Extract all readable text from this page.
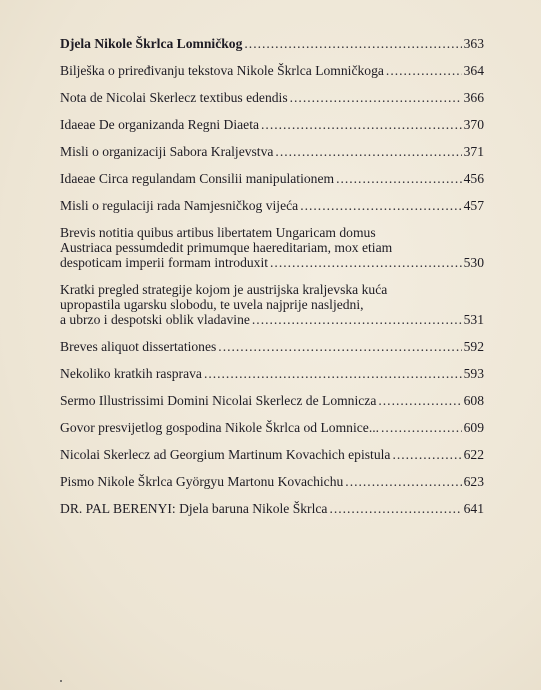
Djela Nikole Škrlca Lomničkog .....	363
Bilješka o priređivanju tekstova Nikole Škrlca Lomničkoga .....	364
Nota de Nicolai Skerlecz textibus edendis .....	366
Idaeae De organizanda Regni Diaeta .....	370
Misli o organizaciji Sabora Kraljevstva .....	371
Idaeae Circa regulandam Consilii manipulationem .....	456
Misli o regulaciji rada Namjesničkog vijeća .....	457
Brevis notitia quibus artibus libertatem Ungaricam domus
Austriaca pessumdedit primumque haereditariam, mox etiam
despoticam imperii formam introduxit .....	530
Kratki pregled strategije kojom je austrijska kraljevska kuća
upropastila ugarsku slobodu, te uvela najprije nasljedni,
a ubrzo i despotski oblik vladavine .....	531
Breves aliquot dissertationes .....	592
Nekoliko kratkih rasprava .....	593
Sermo Illustrissimi Domini Nicolai Skerlecz de Lomnicza .....	608
Govor presvijetlog gospodina Nikole Škrlca od Lomnice... .....	609
Nicolai Skerlecz ad Georgium Martinum Kovachich epistula .....	622
Pismo Nikole Škrlca Györgyu Martonu Kovachichu .....	623
DR. PAL BERENYI: Djela baruna Nikole Škrlca .....	641
